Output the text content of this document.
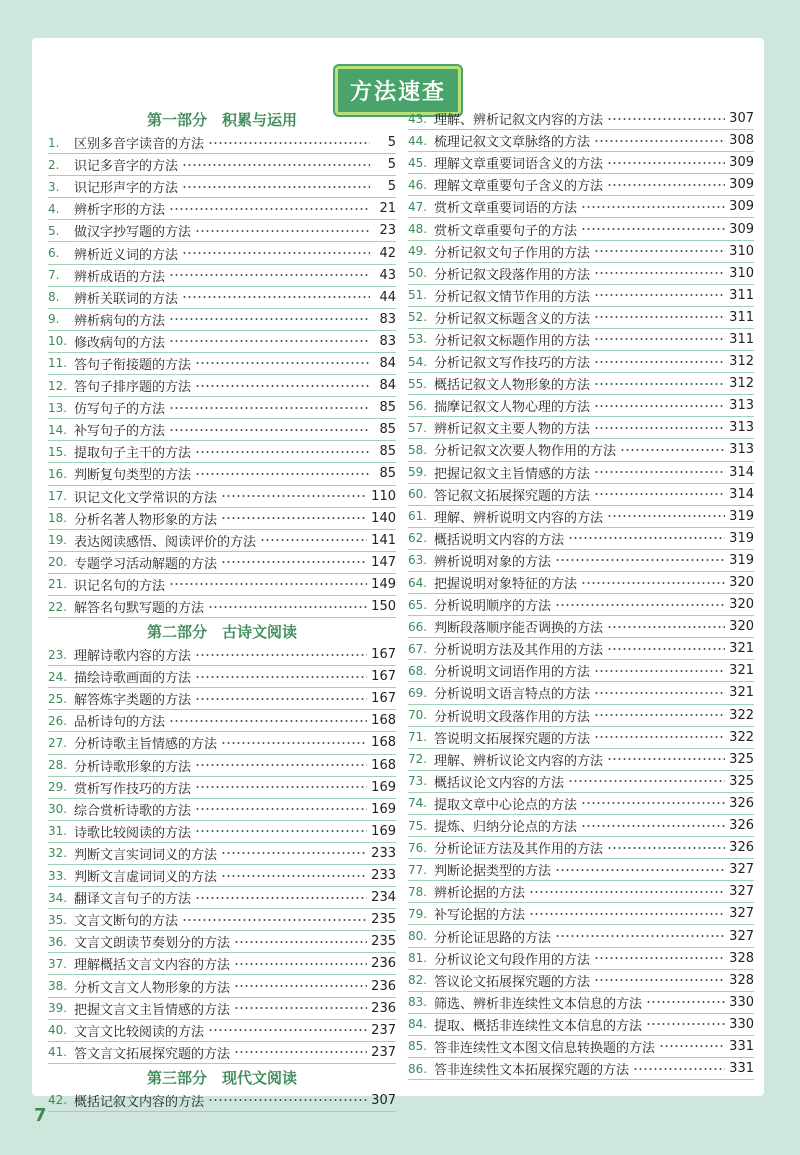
方法速查
第一部分　积累与运用
1.	区别多音字读音的方法	5
2.	识记多音字的方法	5
3.	识记形声字的方法	5
4.	辨析字形的方法	21
5.	做汉字抄写题的方法	23
6.	辨析近义词的方法	42
7.	辨析成语的方法	43
8.	辨析关联词的方法	44
9.	辨析病句的方法	83
10. 修改病句的方法	83
11. 答句子衔接题的方法	84
12. 答句子排序题的方法	84
13. 仿写句子的方法	85
14. 补写句子的方法	85
15. 提取句子主干的方法	85
16. 判断复句类型的方法	85
17. 识记文化文学常识的方法	110
18. 分析名著人物形象的方法	140
19. 表达阅读感悟、阅读评价的方法	141
20. 专题学习活动解题的方法	147
21. 识记名句的方法	149
22. 解答名句默写题的方法	150
第二部分　古诗文阅读
23. 理解诗歌内容的方法	167
24. 描绘诗歌画面的方法	167
25. 解答炼字类题的方法	167
26. 品析诗句的方法	168
27. 分析诗歌主旨情感的方法	168
28. 分析诗歌形象的方法	168
29. 赏析写作技巧的方法	169
30. 综合赏析诗歌的方法	169
31. 诗歌比较阅读的方法	169
32. 判断文言实词词义的方法	233
33. 判断文言虚词词义的方法	233
34. 翻译文言句子的方法	234
35. 文言文断句的方法	235
36. 文言文朗读节奏划分的方法	235
37. 理解概括文言文内容的方法	236
38. 分析文言文人物形象的方法	236
39. 把握文言文主旨情感的方法	236
40. 文言文比较阅读的方法	237
41. 答文言文拓展探究题的方法	237
第三部分　现代文阅读
42. 概括记叙文内容的方法	307
43. 理解、辨析记叙文内容的方法	307
44. 梳理记叙文文章脉络的方法	308
45. 理解文章重要词语含义的方法	309
46. 理解文章重要句子含义的方法	309
47. 赏析文章重要词语的方法	309
48. 赏析文章重要句子的方法	309
49. 分析记叙文句子作用的方法	310
50. 分析记叙文段落作用的方法	310
51. 分析记叙文情节作用的方法	311
52. 分析记叙文标题含义的方法	311
53. 分析记叙文标题作用的方法	311
54. 分析记叙文写作技巧的方法	312
55. 概括记叙文人物形象的方法	312
56. 揣摩记叙文人物心理的方法	313
57. 辨析记叙文主要人物的方法	313
58. 分析记叙文次要人物作用的方法	313
59. 把握记叙文主旨情感的方法	314
60. 答记叙文拓展探究题的方法	314
61. 理解、辨析说明文内容的方法	319
62. 概括说明文内容的方法	319
63. 辨析说明对象的方法	319
64. 把握说明对象特征的方法	320
65. 分析说明顺序的方法	320
66. 判断段落顺序能否调换的方法	320
67. 分析说明方法及其作用的方法	321
68. 分析说明文词语作用的方法	321
69. 分析说明文语言特点的方法	321
70. 分析说明文段落作用的方法	322
71. 答说明文拓展探究题的方法	322
72. 理解、辨析议论文内容的方法	325
73. 概括议论文内容的方法	325
74. 提取文章中心论点的方法	326
75. 提炼、归纳分论点的方法	326
76. 分析论证方法及其作用的方法	326
77. 判断论据类型的方法	327
78. 辨析论据的方法	327
79. 补写论据的方法	327
80. 分析论证思路的方法	327
81. 分析议论文句段作用的方法	328
82. 答议论文拓展探究题的方法	328
83. 筛选、辨析非连续性文本信息的方法	330
84. 提取、概括非连续性文本信息的方法	330
85. 答非连续性文本图文信息转换题的方法	331
86. 答非连续性文本拓展探究题的方法	331
7
